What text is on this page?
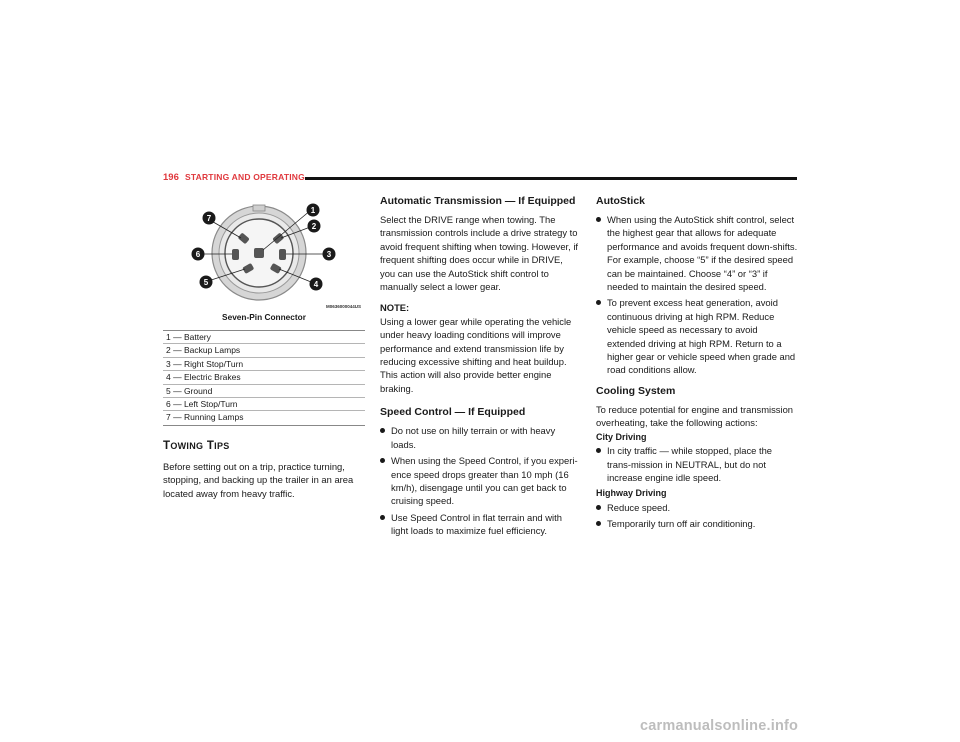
196 STARTING AND OPERATING
1
2
3
4
5
6
7
M0636000044US
Seven-Pin Connector
1 — Battery
2 — Backup Lamps
3 — Right Stop/Turn
4 — Electric Brakes
5 — Ground
6 — Left Stop/Turn
7 — Running Lamps
TOWING TIPS

Before setting out on a trip, practice turning, stopping, and backing up the trailer in an area located away from heavy traffic.

Automatic Transmission — If Equipped

Select the DRIVE range when towing. The transmission controls include a drive strategy to avoid frequent shifting when towing. However, if frequent shifting does occur while in DRIVE, you can use the AutoStick shift control to manually select a lower gear.

NOTE:

Using a lower gear while operating the vehicle under heavy loading conditions will improve performance and extend transmission life by reducing excessive shifting and heat buildup. This action will also provide better engine braking.

Speed Control — If Equipped
Do not use on hilly terrain or with heavy loads.
When using the Speed Control, if you experi-ence speed drops greater than 10 mph (16 km/h), disengage until you can get back to cruising speed.
Use Speed Control in flat terrain and with light loads to maximize fuel efficiency.
AutoStick
When using the AutoStick shift control, select the highest gear that allows for adequate performance and avoids frequent down-shifts. For example, choose “5” if the desired speed can be maintained. Choose “4” or “3” if needed to maintain the desired speed.
To prevent excess heat generation, avoid continuous driving at high RPM. Reduce vehicle speed as necessary to avoid extended driving at high RPM. Return to a higher gear or vehicle speed when grade and road conditions allow.
Cooling System

To reduce potential for engine and transmission overheating, take the following actions:

City Driving
In city traffic — while stopped, place the trans-mission in NEUTRAL, but do not increase engine idle speed.
Highway Driving
Reduce speed.
Temporarily turn off air conditioning.
carmanualsonline.info
